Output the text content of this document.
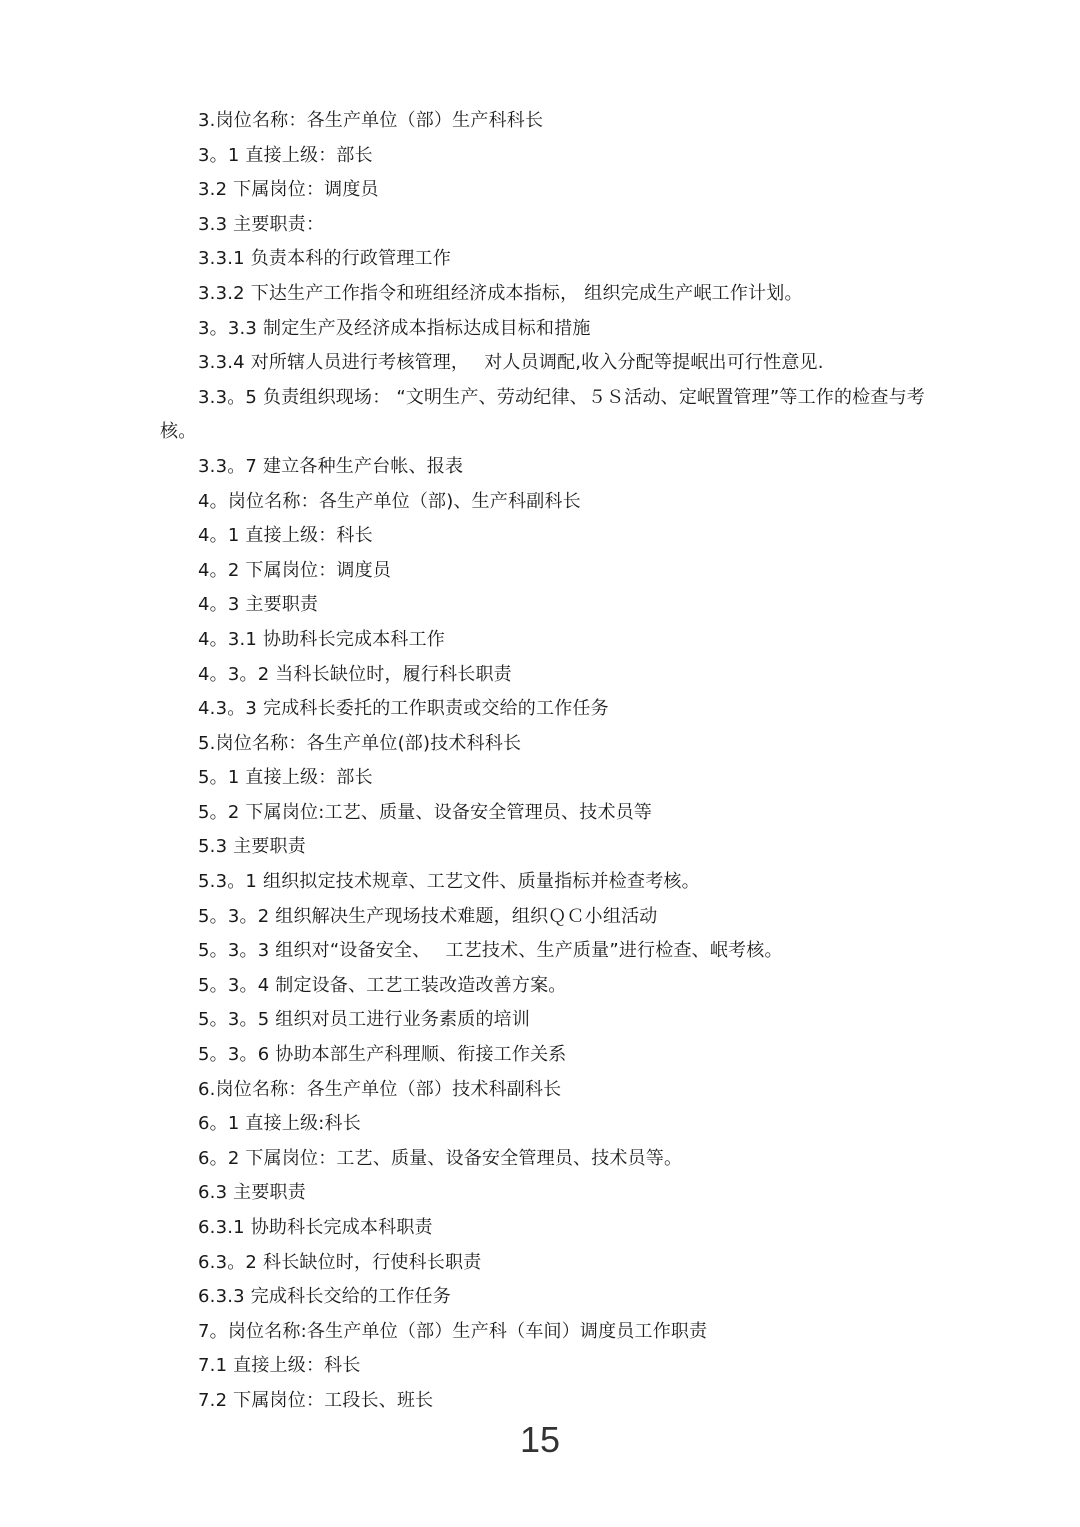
3.岗位名称：各生产单位（部）生产科科长
3。1 直接上级：部长
3.2 下属岗位：调度员
3.3 主要职责：
3.3.1 负责本科的行政管理工作
3.3.2 下达生产工作指令和班组经济成本指标， 组织完成生产岷工作计划。
3。3.3 制定生产及经济成本指标达成目标和措施
3.3.4 对所辖人员进行考核管理，　 对人员调配,收入分配等提岷出可行性意见.
3.3。5 负责组织现场： “文明生产、劳动纪律、５Ｓ活动、定岷置管理”等工作的检查与考核。
3.3。7 建立各种生产台帐、报表
4。岗位名称：各生产单位（部)、生产科副科长
4。1 直接上级：科长
4。2 下属岗位：调度员
4。3 主要职责
4。3.1 协助科长完成本科工作
4。3。2 当科长缺位时，履行科长职责
4.3。3 完成科长委托的工作职责或交给的工作任务
5.岗位名称：各生产单位(部)技术科科长
5。1 直接上级：部长
5。2 下属岗位:工艺、质量、设备安全管理员、技术员等
5.3 主要职责
5.3。1 组织拟定技术规章、工艺文件、质量指标并检查考核。
5。3。2 组织解决生产现场技术难题，组织ＱＣ小组活动
5。3。3 组织对“设备安全、　 工艺技术、生产质量”进行检查、岷考核。
5。3。4 制定设备、工艺工装改造改善方案。
5。3。5 组织对员工进行业务素质的培训
5。3。6 协助本部生产科理顺、衔接工作关系
6.岗位名称：各生产单位（部）技术科副科长
6。1 直接上级:科长
6。2 下属岗位：工艺、质量、设备安全管理员、技术员等。
6.3 主要职责
6.3.1 协助科长完成本科职责
6.3。2 科长缺位时，行使科长职责
6.3.3 完成科长交给的工作任务
7。岗位名称:各生产单位（部）生产科（车间）调度员工作职责
7.1 直接上级：科长
7.2 下属岗位：工段长、班长
15
